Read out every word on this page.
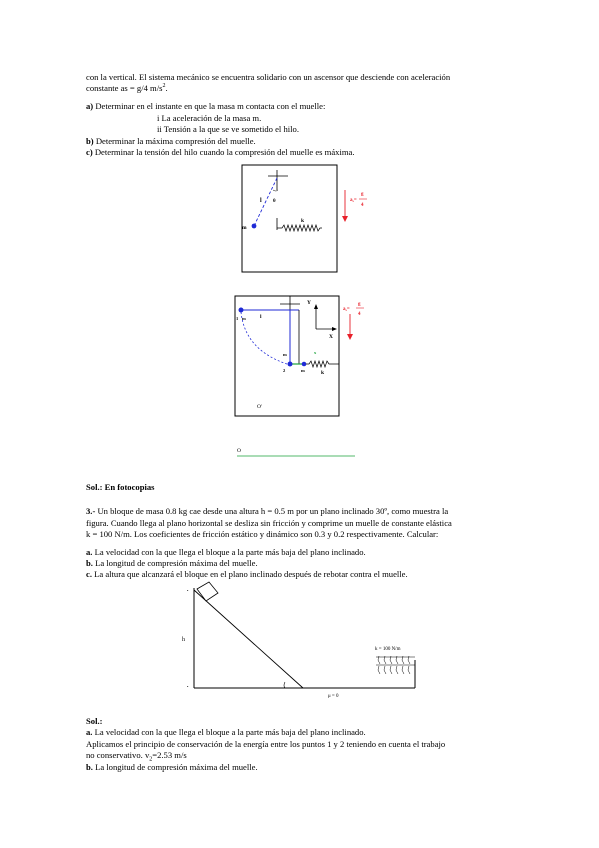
con la vertical. El sistema mecánico se encuentra solidario con un ascensor que desciende con aceleración

constante as = g/4 $m/s^2$.

a) Determinar en el instante en que la masa m contacta con el muelle:

i La aceleración de la masa m.

ii Tensión a la que se ve sometido el hilo.

b) Determinar la máxima compresión del muelle.

c) Determinar la tensión del hilo cuando la compresión del muelle es máxima.

l θ
m
k
$a_s=$
g
4
1 m	l
Y
X
m	x
2	m	k
O'
$a_s=$
g
4
O

Sol.: En fotocopias

3.- Un bloque de masa 0.8 kg cae desde una altura h = 0.5 m por un plano inclinado 30º, como muestra la

figura. Cuando llega al plano horizontal se desliza sin fricción y comprime un muelle de constante elástica

k = 100 N/m. Los coeficientes de fricción estático y dinámico son 0.3 y 0.2 respectivamente. Calcular:

a. La velocidad con la que llega el bloque a la parte más baja del plano inclinado.

b. La longitud de compresión máxima del muelle.

c. La altura que alcanzará el bloque en el plano inclinado después de rebotar contra el muelle.

•
•
h
μ = 0
k = 100 N/m

Sol.:

a. La velocidad con la que llega el bloque a la parte más baja del plano inclinado.

Aplicamos el principio de conservación de la energía entre los puntos 1 y 2 teniendo en cuenta el trabajo

no conservativo. $v_2=2.53$ m/s

b. La longitud de compresión máxima del muelle.
